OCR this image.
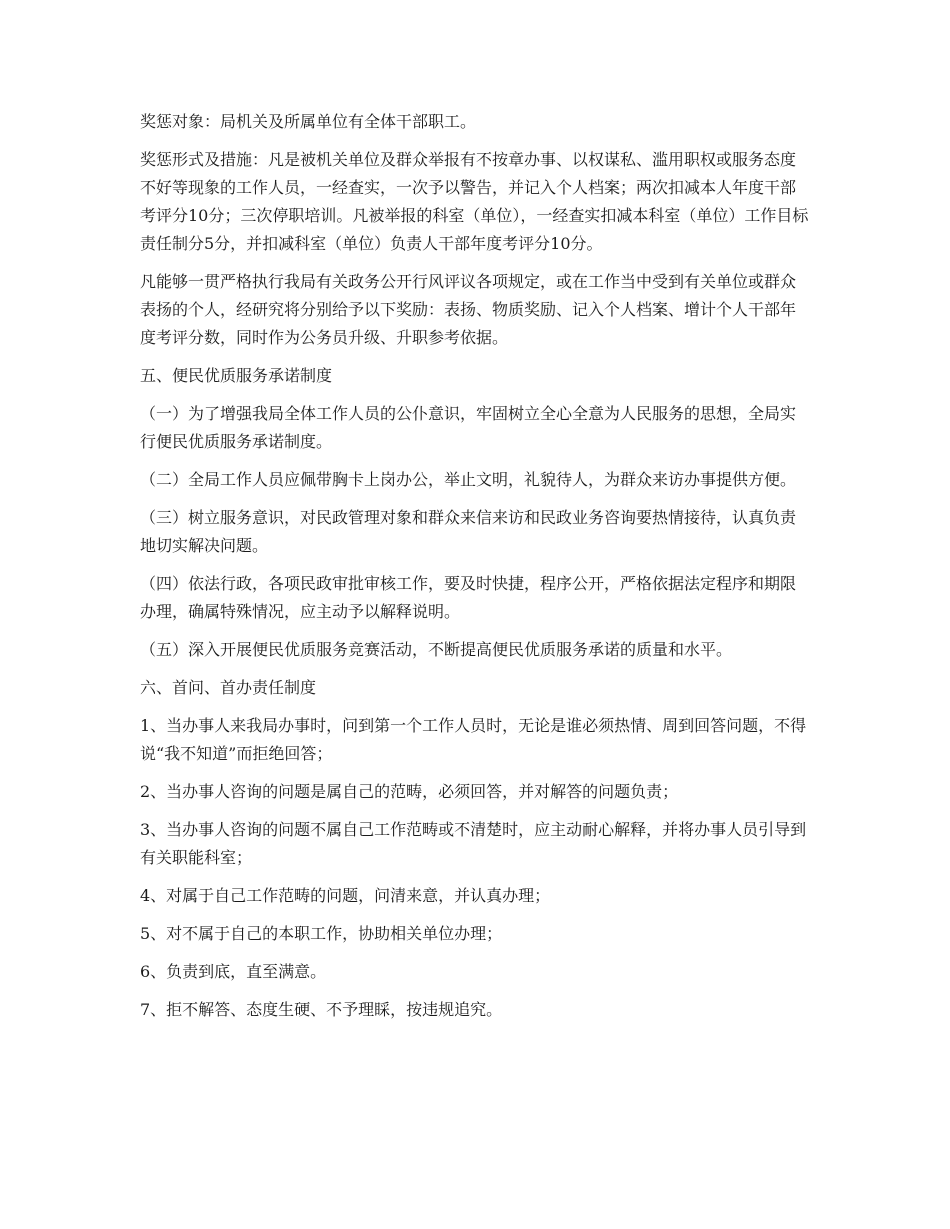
奖惩对象：局机关及所属单位有全体干部职工。

奖惩形式及措施：凡是被机关单位及群众举报有不按章办事、以权谋私、滥用职权或服务态度不好等现象的工作人员，一经查实，一次予以警告，并记入个人档案；两次扣减本人年度干部考评分10分；三次停职培训。凡被举报的科室（单位），一经查实扣减本科室（单位）工作目标责任制分5分，并扣减科室（单位）负责人干部年度考评分10分。

凡能够一贯严格执行我局有关政务公开行风评议各项规定，或在工作当中受到有关单位或群众表扬的个人，经研究将分别给予以下奖励：表扬、物质奖励、记入个人档案、增计个人干部年度考评分数，同时作为公务员升级、升职参考依据。

五、便民优质服务承诺制度

（一）为了增强我局全体工作人员的公仆意识，牢固树立全心全意为人民服务的思想，全局实行便民优质服务承诺制度。

（二）全局工作人员应佩带胸卡上岗办公，举止文明，礼貌待人，为群众来访办事提供方便。

（三）树立服务意识，对民政管理对象和群众来信来访和民政业务咨询要热情接待，认真负责地切实解决问题。

（四）依法行政，各项民政审批审核工作，要及时快捷，程序公开，严格依据法定程序和期限办理，确属特殊情况，应主动予以解释说明。

（五）深入开展便民优质服务竞赛活动，不断提高便民优质服务承诺的质量和水平。

六、首问、首办责任制度

1、当办事人来我局办事时，问到第一个工作人员时，无论是谁必须热情、周到回答问题，不得说“我不知道”而拒绝回答；

2、当办事人咨询的问题是属自己的范畴，必须回答，并对解答的问题负责；

3、当办事人咨询的问题不属自己工作范畴或不清楚时，应主动耐心解释，并将办事人员引导到有关职能科室；

4、对属于自己工作范畴的问题，问清来意，并认真办理；

5、对不属于自己的本职工作，协助相关单位办理；

6、负责到底，直至满意。

7、拒不解答、态度生硬、不予理睬，按违规追究。
